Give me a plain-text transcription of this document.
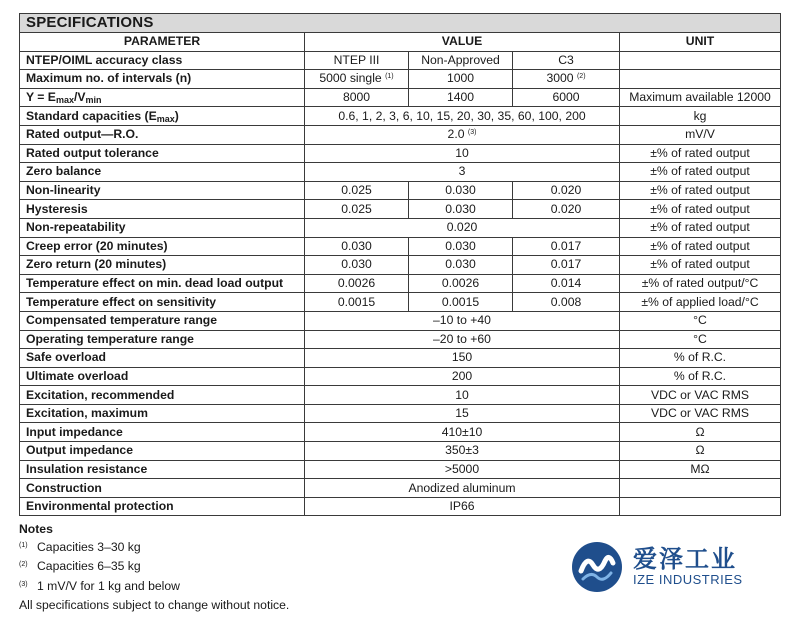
SPECIFICATIONS				
PARAMETER	VALUE			UNIT
NTEP/OIML accuracy class	NTEP III	Non-Approved	C3	
Maximum no. of intervals (n)	5000 single $^{(1)}$	1000	3000 $^{(2)}$	
$Y = E_{max}/V_{min}$	8000	1400	6000	Maximum available 12000
Standard capacities $(E_{max})$	0.6, 1, 2, 3, 6, 10, 15, 20, 30, 35, 60, 100, 200			kg
Rated output—R.O.	2.0 $^{(3)}$			mV/V
Rated output tolerance	10			±% of rated output
Zero balance	3			±% of rated output
Non-linearity	0.025	0.030	0.020	±% of rated output
Hysteresis	0.025	0.030	0.020	±% of rated output
Non-repeatability	0.020			±% of rated output
Creep error (20 minutes)	0.030	0.030	0.017	±% of rated output
Zero return (20 minutes)	0.030	0.030	0.017	±% of rated output
Temperature effect on min. dead load output	0.0026	0.0026	0.014	±% of rated output/°C
Temperature effect on sensitivity	0.0015	0.0015	0.008	±% of applied load/°C
Compensated temperature range	–10 to +40			°C
Operating temperature range	–20 to +60			°C
Safe overload	150			% of R.C.
Ultimate overload	200			% of R.C.
Excitation, recommended	10			VDC or VAC RMS
Excitation, maximum	15			VDC or VAC RMS
Input impedance	410±10			Ω
Output impedance	350±3			Ω
Insulation resistance	>5000			MΩ
Construction	Anodized aluminum			
Environmental protection	IP66			
Notes
(1) Capacities 3–30 kg
(2) Capacities 6–35 kg
(3) 1 mV/V for 1 kg and below
All specifications subject to change without notice.
爱泽工业
IZE INDUSTRIES
